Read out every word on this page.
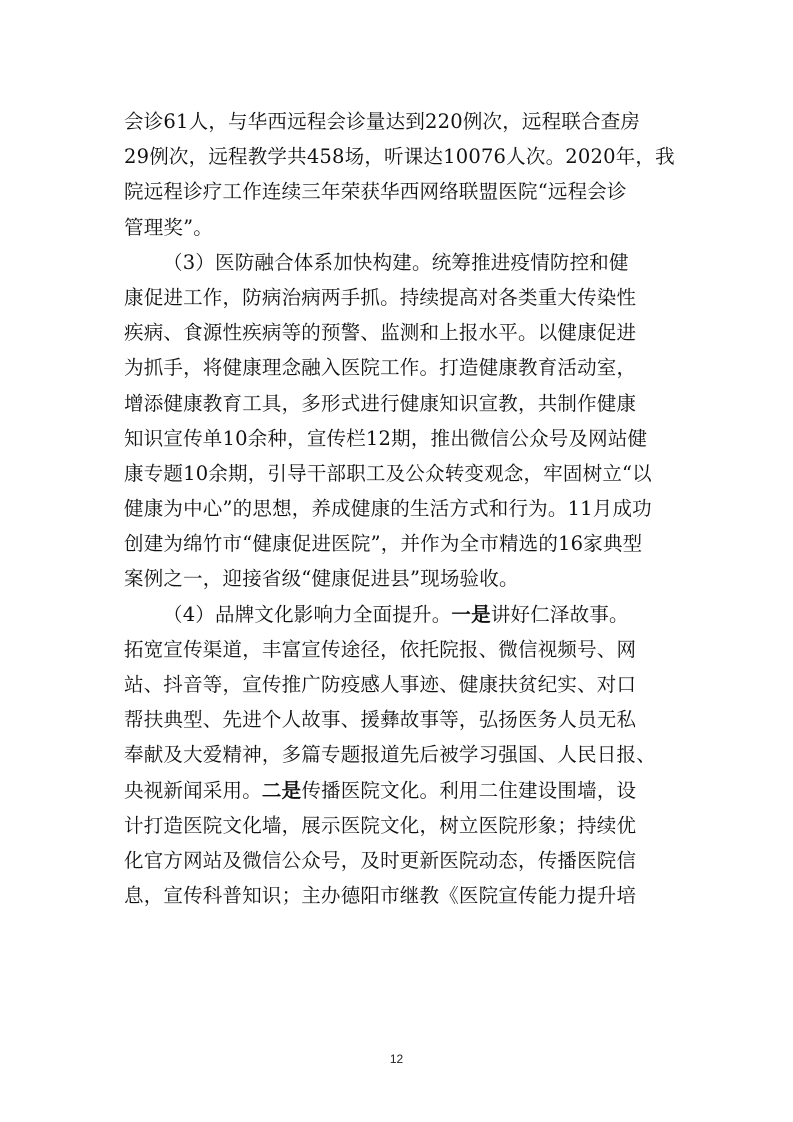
会诊61人，与华西远程会诊量达到220例次，远程联合查房
29例次，远程教学共458场，听课达10076人次。2020年，我
院远程诊疗工作连续三年荣获华西网络联盟医院“远程会诊
管理奖”。
（3）医防融合体系加快构建。统筹推进疫情防控和健
康促进工作，防病治病两手抓。持续提高对各类重大传染性
疾病、食源性疾病等的预警、监测和上报水平。以健康促进
为抓手，将健康理念融入医院工作。打造健康教育活动室，
增添健康教育工具，多形式进行健康知识宣教，共制作健康
知识宣传单10余种，宣传栏12期，推出微信公众号及网站健
康专题10余期，引导干部职工及公众转变观念，牢固树立“以
健康为中心”的思想，养成健康的生活方式和行为。11月成功
创建为绵竹市“健康促进医院”，并作为全市精选的16家典型
案例之一，迎接省级“健康促进县”现场验收。
（4）品牌文化影响力全面提升。一是讲好仁泽故事。
拓宽宣传渠道，丰富宣传途径，依托院报、微信视频号、网
站、抖音等，宣传推广防疫感人事迹、健康扶贫纪实、对口
帮扶典型、先进个人故事、援彝故事等，弘扬医务人员无私
奉献及大爱精神，多篇专题报道先后被学习强国、人民日报、
央视新闻采用。二是传播医院文化。利用二住建设围墙，设
计打造医院文化墙，展示医院文化，树立医院形象；持续优
化官方网站及微信公众号，及时更新医院动态，传播医院信
息，宣传科普知识；主办德阳市继教《医院宣传能力提升培
12
